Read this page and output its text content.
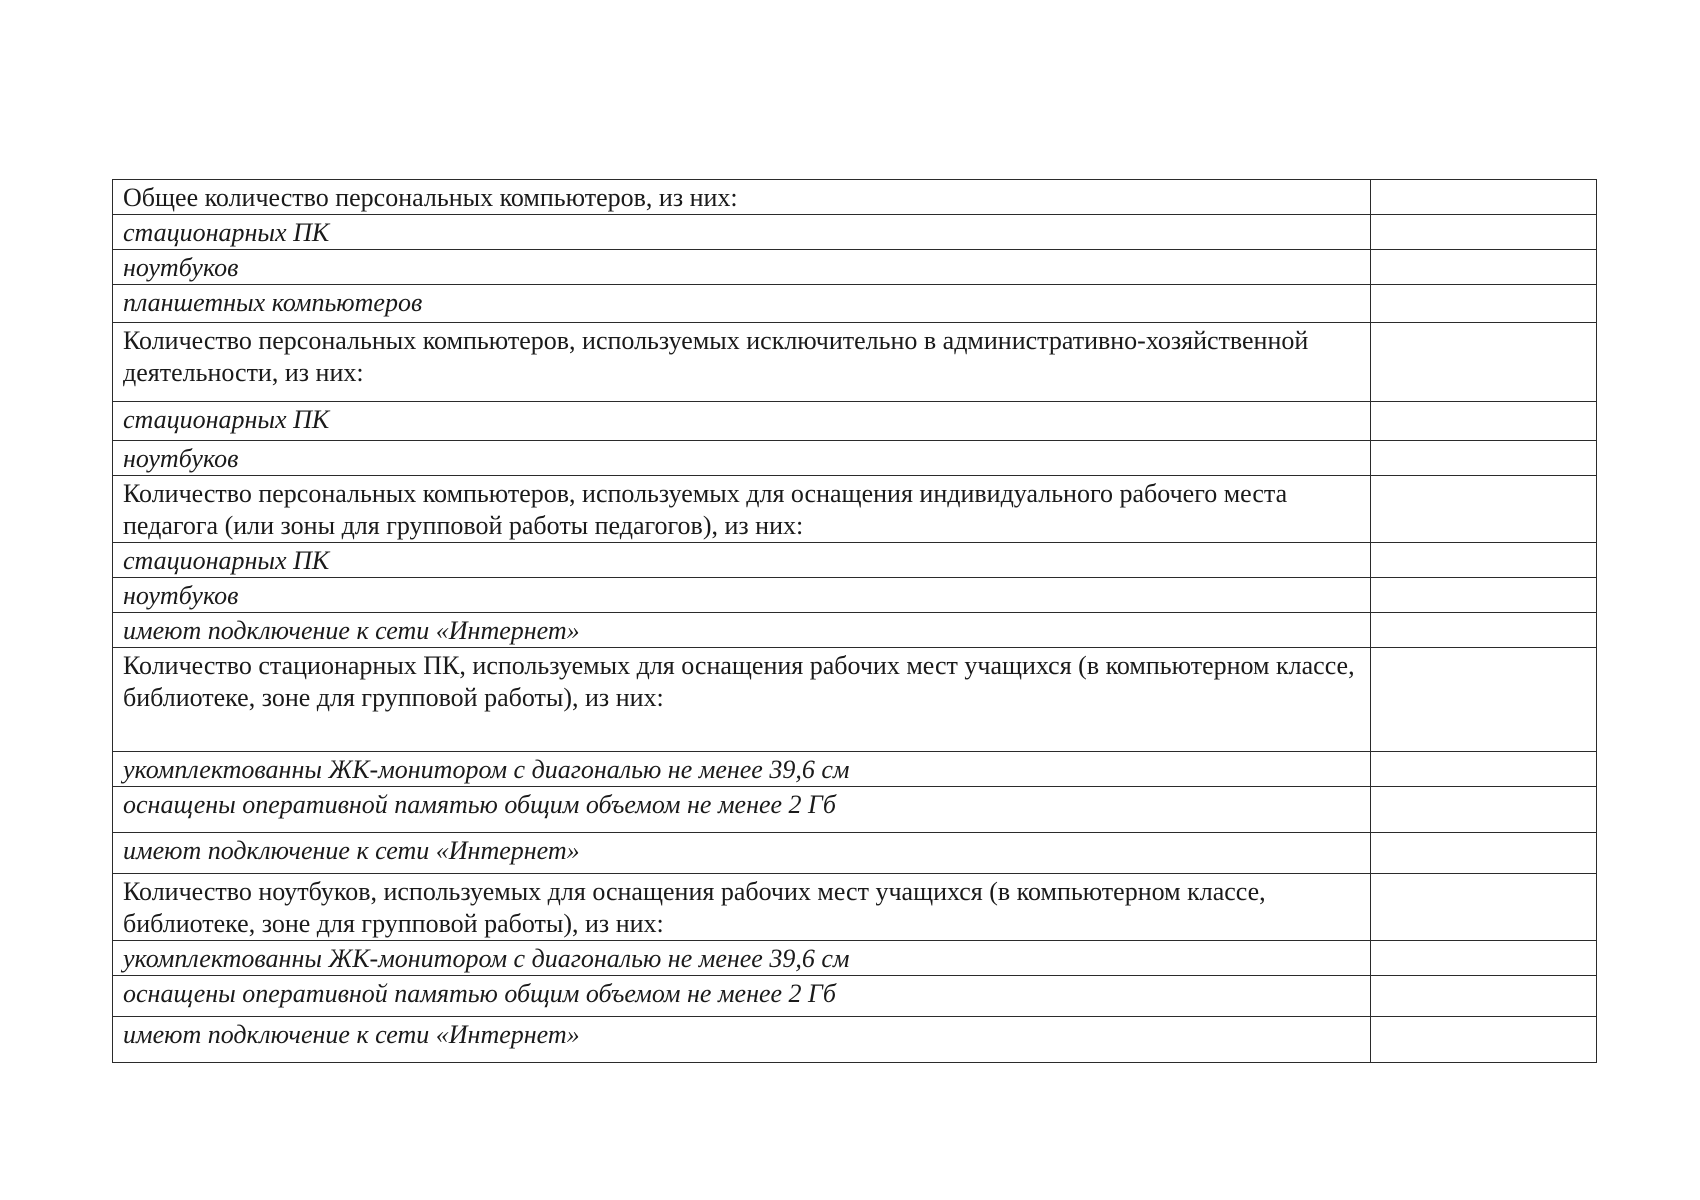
Общее количество персональных компьютеров, из них:	
стационарных ПК	
ноутбуков	
планшетных компьютеров	
Количество персональных компьютеров, используемых исключительно в административно-хозяйственной деятельности, из них:	
стационарных ПК	
ноутбуков	
Количество персональных компьютеров, используемых для оснащения индивидуального рабочего места педагога (или зоны для групповой работы педагогов), из них:	
стационарных ПК	
ноутбуков	
имеют подключение к сети «Интернет»	
Количество стационарных ПК, используемых для оснащения рабочих мест учащихся (в компьютерном классе, библиотеке, зоне для групповой работы), из них:	
укомплектованны ЖК-монитором с диагональю не менее 39,6 см	
оснащены оперативной памятью общим объемом не менее 2 Гб	
имеют подключение к сети «Интернет»	
Количество ноутбуков, используемых для оснащения рабочих мест учащихся (в компьютерном классе, библиотеке, зоне для групповой работы), из них:	
укомплектованны ЖК-монитором с диагональю не менее 39,6 см	
оснащены оперативной памятью общим объемом не менее 2 Гб	
имеют подключение к сети «Интернет»	
